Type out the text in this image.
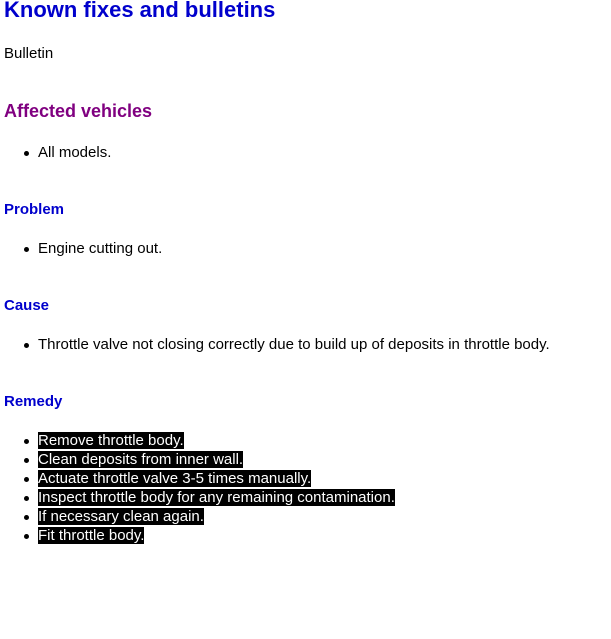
Known fixes and bulletins
Bulletin
Affected vehicles
All models.
Problem
Engine cutting out.
Cause
Throttle valve not closing correctly due to build up of deposits in throttle body.
Remedy
Remove throttle body.
Clean deposits from inner wall.
Actuate throttle valve 3-5 times manually.
Inspect throttle body for any remaining contamination.
If necessary clean again.
Fit throttle body.
